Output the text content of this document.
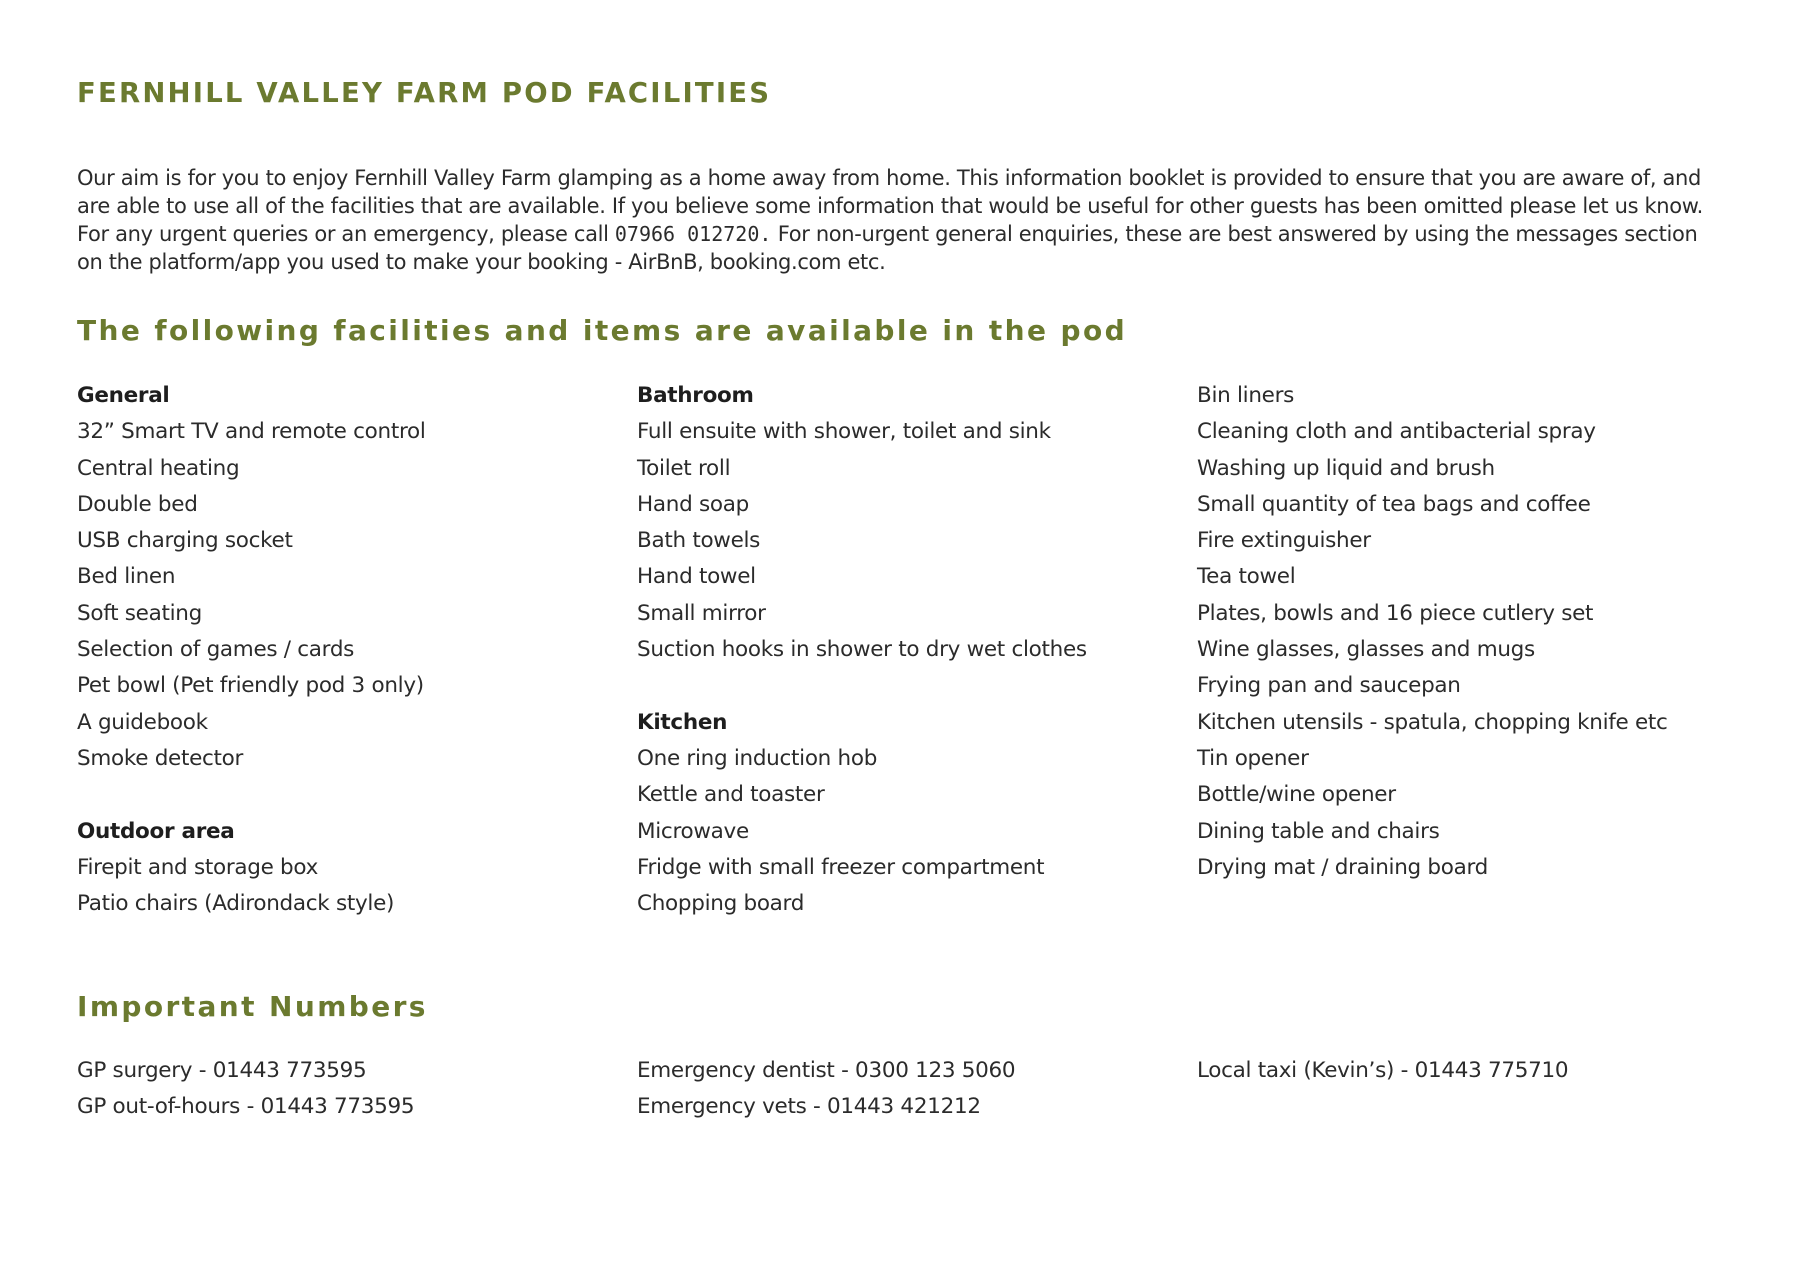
FERNHILL VALLEY FARM POD FACILITIES

Our aim is for you to enjoy Fernhill Valley Farm glamping as a home away from home. This information booklet is provided to ensure that you are aware of, and are able to use all of the facilities that are available. If you believe some information that would be useful for other guests has been omitted please let us know. For any urgent queries or an emergency, please call 07966 012720. For non-urgent general enquiries, these are best answered by using the messages section on the platform/app you used to make your booking - AirBnB, booking.com etc.

The following facilities and items are available in the pod
General
32” Smart TV and remote control
Central heating
Double bed
USB charging socket
Bed linen
Soft seating
Selection of games / cards
Pet bowl (Pet friendly pod 3 only)
A guidebook
Smoke detector
Outdoor area
Firepit and storage box
Patio chairs (Adirondack style)
Bathroom
Full ensuite with shower, toilet and sink
Toilet roll
Hand soap
Bath towels
Hand towel
Small mirror
Suction hooks in shower to dry wet clothes
Kitchen
One ring induction hob
Kettle and toaster
Microwave
Fridge with small freezer compartment
Chopping board
Bin liners
Cleaning cloth and antibacterial spray
Washing up liquid and brush
Small quantity of tea bags and coffee
Fire extinguisher
Tea towel
Plates, bowls and 16 piece cutlery set
Wine glasses, glasses and mugs
Frying pan and saucepan
Kitchen utensils - spatula, chopping knife etc
Tin opener
Bottle/wine opener
Dining table and chairs
Drying mat / draining board
Important Numbers
GP surgery - 01443 773595
GP out-of-hours - 01443 773595
Emergency dentist - 0300 123 5060
Emergency vets - 01443 421212
Local taxi (Kevin’s) - 01443 775710
